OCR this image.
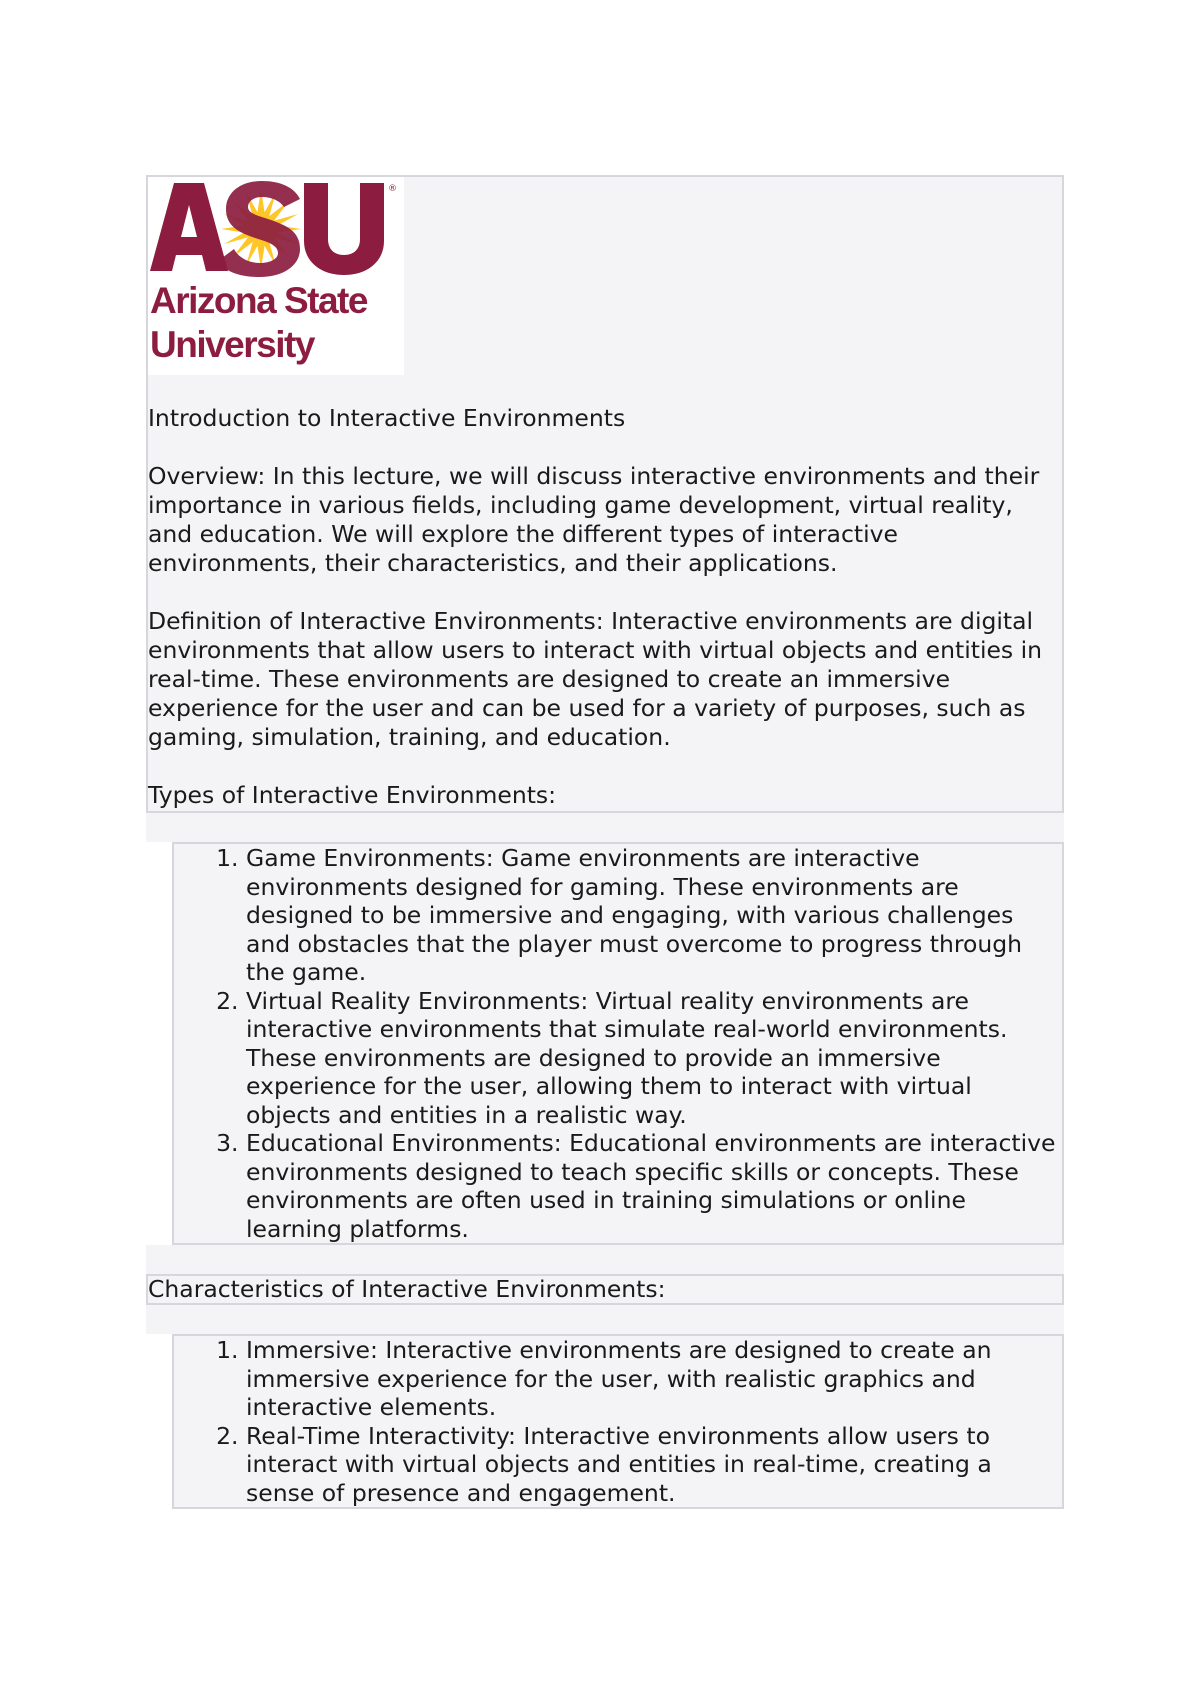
®
Arizona State
University

Introduction to Interactive Environments

Overview: In this lecture, we will discuss interactive environments and their importance in various fields, including game development, virtual reality, and education. We will explore the different types of interactive environments, their characteristics, and their applications.

Definition of Interactive Environments: Interactive environments are digital environments that allow users to interact with virtual objects and entities in real-time. These environments are designed to create an immersive experience for the user and can be used for a variety of purposes, such as gaming, simulation, training, and education.

Types of Interactive Environments:

1. Game Environments: Game environments are interactive environments designed for gaming. These environments are designed to be immersive and engaging, with various challenges and obstacles that the player must overcome to progress through the game.
2. Virtual Reality Environments: Virtual reality environments are interactive environments that simulate real-world environments. These environments are designed to provide an immersive experience for the user, allowing them to interact with virtual objects and entities in a realistic way.
3. Educational Environments: Educational environments are interactive environments designed to teach specific skills or concepts. These environments are often used in training simulations or online learning platforms.

Characteristics of Interactive Environments:

1. Immersive: Interactive environments are designed to create an immersive experience for the user, with realistic graphics and interactive elements.
2. Real-Time Interactivity: Interactive environments allow users to interact with virtual objects and entities in real-time, creating a sense of presence and engagement.
